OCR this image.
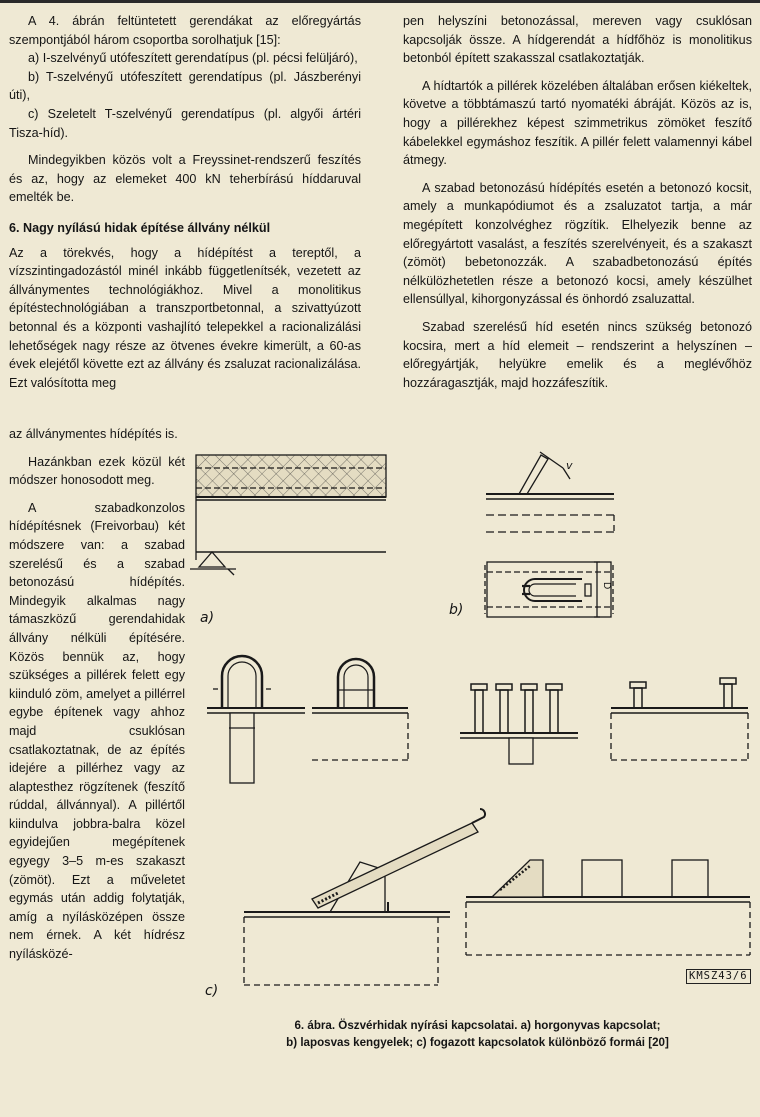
A 4. ábrán feltüntetett gerendákat az előregyártás szempontjából három csoportba sorolhatjuk [15]:

a) I-szelvényű utófeszített gerendatípus (pl. pécsi felüljáró),

b) T-szelvényű utófeszített gerendatípus (pl. Jászberényi úti),

c) Szeletelt T-szelvényű gerendatípus (pl. algyői ártéri Tisza-híd).

Mindegyikben közös volt a Freyssinet-rendszerű feszítés és az, hogy az elemeket 400 kN teherbírású híddaruval emelték be.

6. Nagy nyílású hidak építése állvány nélkül

Az a törekvés, hogy a hídépítést a tereptől, a vízszintingadozástól minél inkább függetlenítsék, vezetett az állványmentes technológiákhoz. Mivel a monolitikus építéstechnológiában a transzportbetonnal, a szivattyúzott betonnal és a központi vashajlító telepekkel a racionalizálási lehetőségek nagy része az ötvenes évekre kimerült, a 60-as évek elejétől követte ezt az állvány és zsaluzat racionalizálása. Ezt valósította meg

az állványmentes hídépítés is.

Hazánkban ezek közül két módszer honosodott meg.

A szabadkonzolos hídépítésnek (Freivorbau) két módszere van: a szabad szerelésű és a szabad betonozású hídépítés. Mindegyik alkalmas nagy támaszközű gerendahidak állvány nélküli építésére. Közös bennük az, hogy szükséges a pillérek felett egy kiinduló zöm, amelyet a pillérrel egybe építenek vagy ahhoz majd csuklósan csatlakoztatnak, de az építés idejére a pillérhez vagy az alaptesthez rögzítenek (feszítő rúddal, állvánnyal). A pillértől kiindulva jobbra-balra közel egyidejűen megépítenek egyegy 3–5 m-es szakaszt (zömöt). Ezt a műveletet egymás után addig folytatják, amíg a nyílásközépen össze nem érnek. A két hídrész nyílásközé-

pen helyszíni betonozással, mereven vagy csuklósan kapcsolják össze. A hídgerendát a hídfőhöz is monolitikus betonból épített szakasszal csatlakoztatják.

A hídtartók a pillérek közelében általában erősen kiékeltek, követve a többtámaszú tartó nyomatéki ábráját. Közös az is, hogy a pillérekhez képest szimmetrikus zömöket feszítő kábelekkel egymáshoz feszítik. A pillér felett valamennyi kábel átmegy.

A szabad betonozású hídépítés esetén a betonozó kocsit, amely a munkapódiumot és a zsaluzatot tartja, a már megépített konzolvéghez rögzítik. Elhelyezik benne az előregyártott vasalást, a feszítés szerelvényeit, és a szakaszt (zömöt) bebetonozzák. A szabadbetonozású építés nélkülözhetetlen része a betonozó kocsi, amely készülhet ellensúllyal, kihorgonyzással és önhordó zsaluzattal.

Szabad szerelésű híd esetén nincs szükség betonozó kocsira, mert a híd elemeit – rendszerint a helyszínen – előregyártják, helyükre emelik és a meglévőhöz hozzáragasztják, majd hozzáfeszítik.

a)	b)
c)
v
D
KMSZ43/6
6. ábra. Öszvérhidak nyírási kapcsolatai. a) horgonyvas kapcsolat;
b) laposvas kengyelek; c) fogazott kapcsolatok különböző formái [20]
